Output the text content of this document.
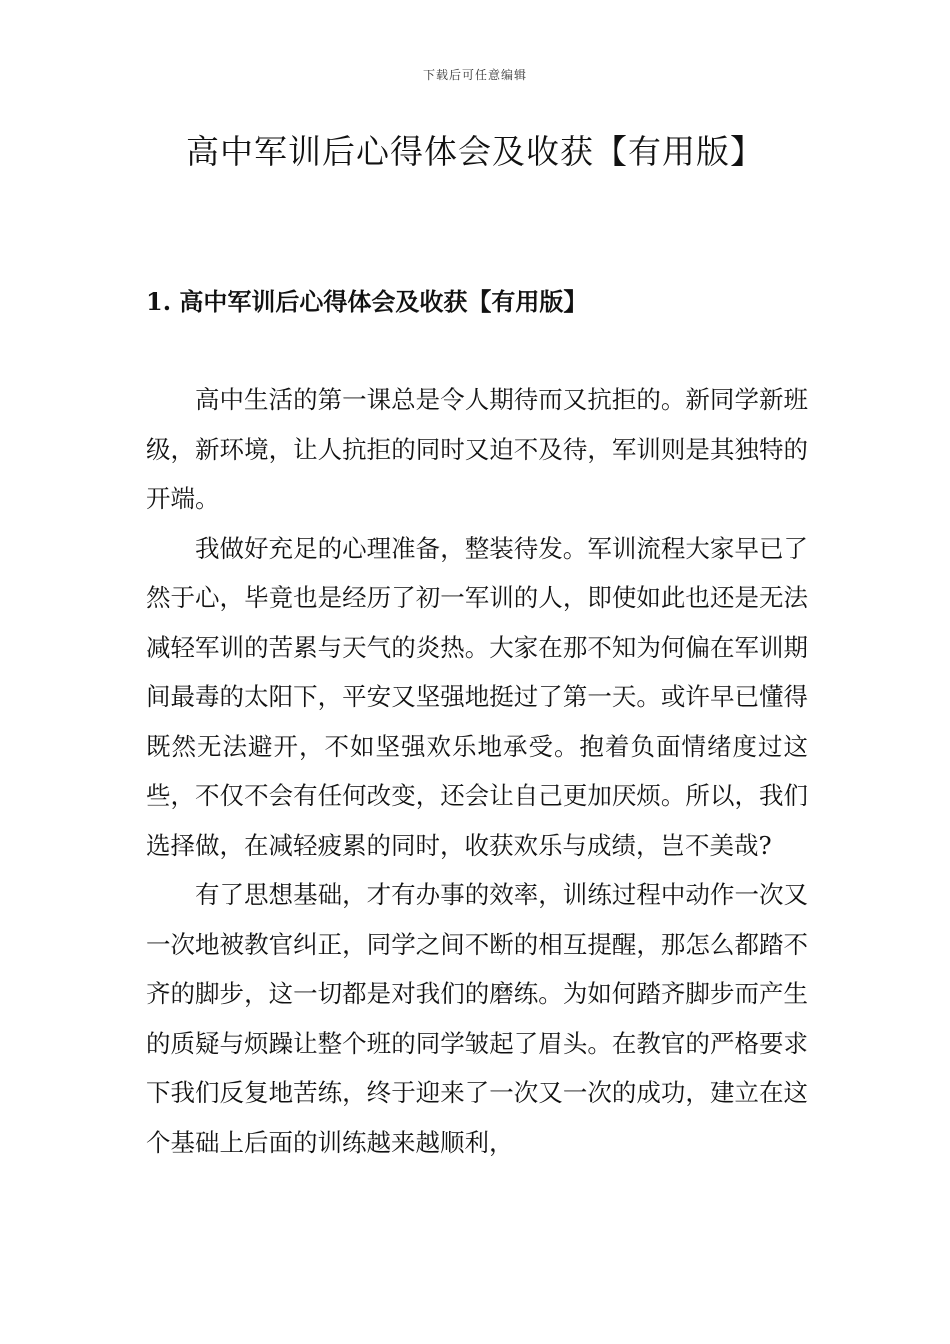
下载后可任意编辑
高中军训后心得体会及收获【有用版】
1. 高中军训后心得体会及收获【有用版】

高中生活的第一课总是令人期待而又抗拒的。新同学新班级，新环境，让人抗拒的同时又迫不及待，军训则是其独特的开端。

我做好充足的心理准备，整装待发。军训流程大家早已了然于心，毕竟也是经历了初一军训的人，即使如此也还是无法减轻军训的苦累与天气的炎热。大家在那不知为何偏在军训期间最毒的太阳下，平安又坚强地挺过了第一天。或许早已懂得既然无法避开，不如坚强欢乐地承受。抱着负面情绪度过这些，不仅不会有任何改变，还会让自己更加厌烦。所以，我们选择做，在减轻疲累的同时，收获欢乐与成绩，岂不美哉?

有了思想基础，才有办事的效率，训练过程中动作一次又一次地被教官纠正，同学之间不断的相互提醒，那怎么都踏不齐的脚步，这一切都是对我们的磨练。为如何踏齐脚步而产生的质疑与烦躁让整个班的同学皱起了眉头。在教官的严格要求下我们反复地苦练，终于迎来了一次又一次的成功，建立在这个基础上后面的训练越来越顺利，
